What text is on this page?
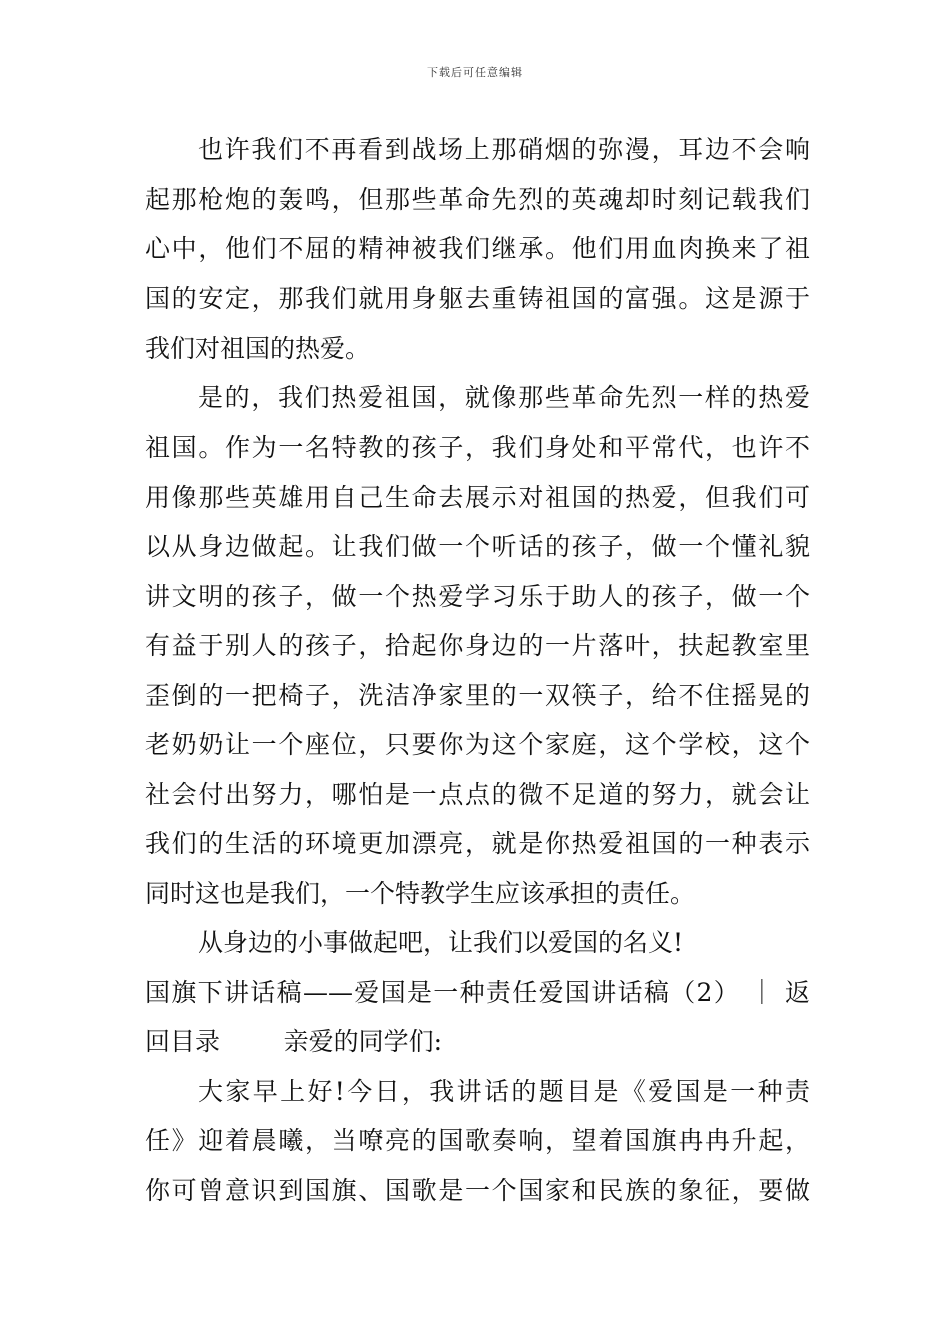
下载后可任意编辑
也许我们不再看到战场上那硝烟的弥漫，耳边不会响
起那枪炮的轰鸣，但那些革命先烈的英魂却时刻记载我们
心中，他们不屈的精神被我们继承。他们用血肉换来了祖
国的安定，那我们就用身躯去重铸祖国的富强。这是源于
我们对祖国的热爱。
是的，我们热爱祖国，就像那些革命先烈一样的热爱
祖国。作为一名特教的孩子，我们身处和平常代，也许不
用像那些英雄用自己生命去展示对祖国的热爱，但我们可
以从身边做起。让我们做一个听话的孩子，做一个懂礼貌
讲文明的孩子，做一个热爱学习乐于助人的孩子，做一个
有益于别人的孩子，拾起你身边的一片落叶，扶起教室里
歪倒的一把椅子，洗洁净家里的一双筷子，给不住摇晃的
老奶奶让一个座位，只要你为这个家庭，这个学校，这个
社会付出努力，哪怕是一点点的微不足道的努力，就会让
我们的生活的环境更加漂亮，就是你热爱祖国的一种表示
同时这也是我们，一个特教学生应该承担的责任。
从身边的小事做起吧，让我们以爱国的名义!
国旗下讲话稿——爱国是一种责任爱国讲话稿（2） ｜ 返
回目录        亲爱的同学们:
大家早上好!今日，我讲话的题目是《爱国是一种责
任》迎着晨曦，当嘹亮的国歌奏响，望着国旗冉冉升起，
你可曾意识到国旗、国歌是一个国家和民族的象征，要做
